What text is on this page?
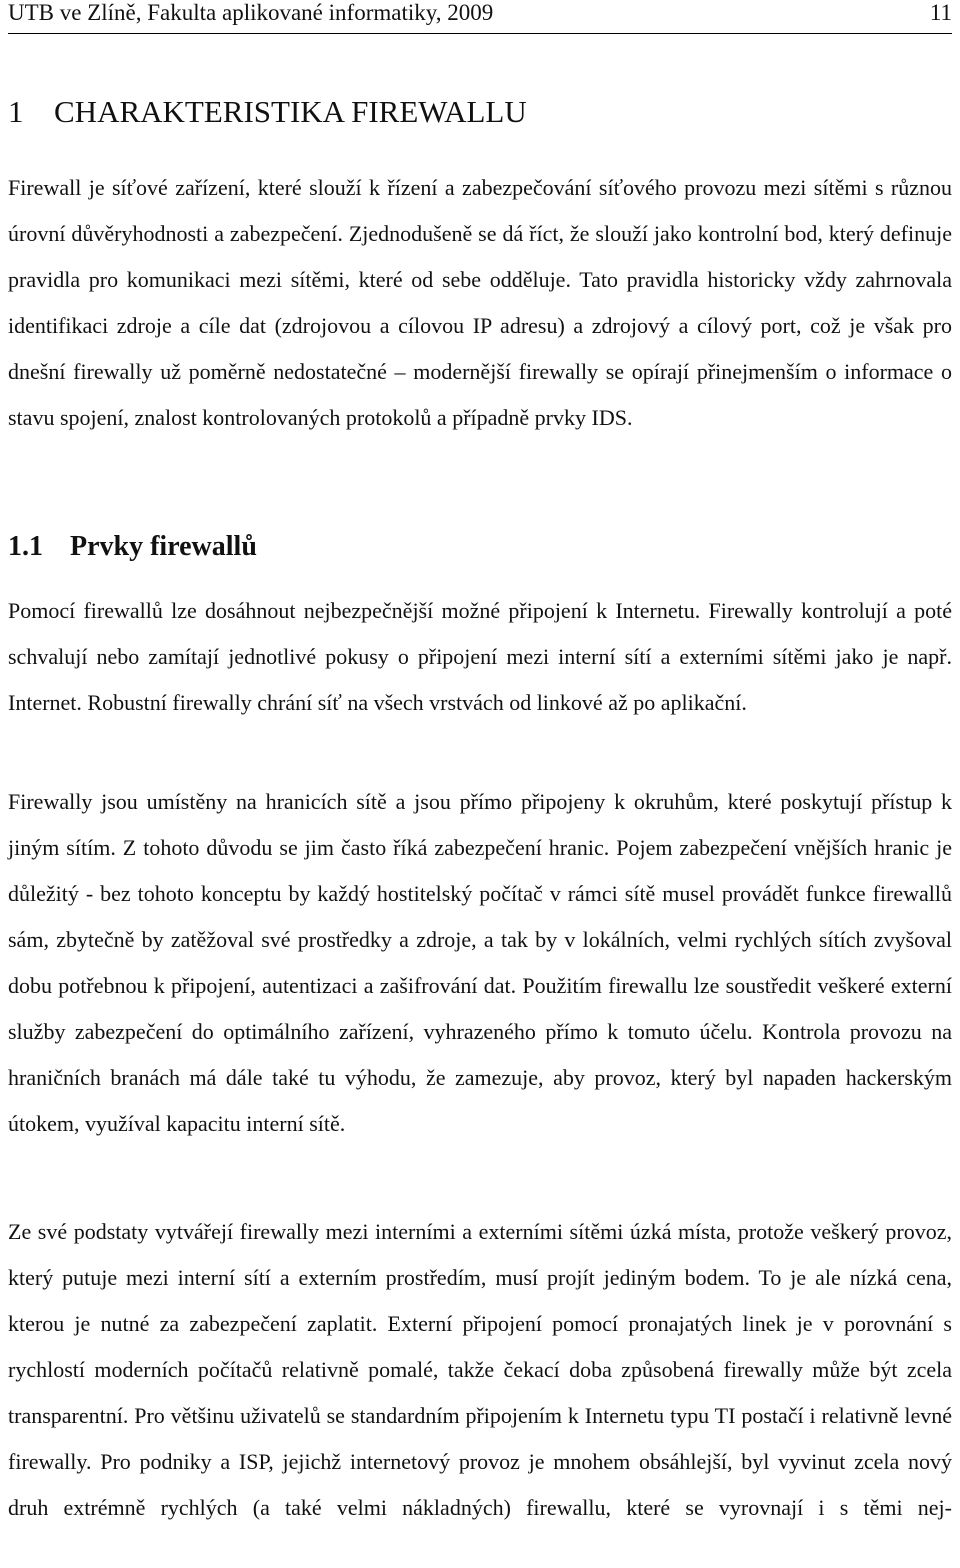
UTB ve Zlíně, Fakulta aplikované informatiky, 2009	11
1 CHARAKTERISTIKA FIREWALLU

Firewall je síťové zařízení, které slouží k řízení a zabezpečování síťového provozu mezi sítěmi s různou úrovní důvěryhodnosti a zabezpečení. Zjednodušeně se dá říct, že slouží jako kontrolní bod, který definuje pravidla pro komunikaci mezi sítěmi, které od sebe odděluje. Tato pravidla historicky vždy zahrnovala identifikaci zdroje a cíle dat (zdrojovou a cílovou IP adresu) a zdrojový a cílový port, což je však pro dnešní firewally už poměrně nedostatečné – modernější firewally se opírají přinejmenším o informace o stavu spojení, znalost kontrolovaných protokolů a případně prvky IDS.

1.1 Prvky firewallů

Pomocí firewallů lze dosáhnout nejbezpečnější možné připojení k Internetu. Firewally kontrolují a poté schvalují nebo zamítají jednotlivé pokusy o připojení mezi interní sítí a externími sítěmi jako je např. Internet. Robustní firewally chrání síť na všech vrstvách od linkové až po aplikační.

Firewally jsou umístěny na hranicích sítě a jsou přímo připojeny k okruhům, které poskytují přístup k jiným sítím. Z tohoto důvodu se jim často říká zabezpečení hranic. Pojem zabezpečení vnějších hranic je důležitý - bez tohoto konceptu by každý hostitelský počítač v rámci sítě musel provádět funkce firewallů sám, zbytečně by zatěžoval své prostředky a zdroje, a tak by v lokálních, velmi rychlých sítích zvyšoval dobu potřebnou k připojení, autentizaci a zašifrování dat. Použitím firewallu lze soustředit veškeré externí služby zabezpečení do optimálního zařízení, vyhrazeného přímo k tomuto účelu. Kontrola provozu na hraničních branách má dále také tu výhodu, že zamezuje, aby provoz, který byl napaden hackerským útokem, využíval kapacitu interní sítě.

Ze své podstaty vytvářejí firewally mezi interními a externími sítěmi úzká místa, protože veškerý provoz, který putuje mezi interní sítí a externím prostředím, musí projít jediným bodem. To je ale nízká cena, kterou je nutné za zabezpečení zaplatit. Externí připojení pomocí pronajatých linek je v porovnání s rychlostí moderních počítačů relativně pomalé, takže čekací doba způsobená firewally může být zcela transparentní. Pro většinu uživatelů se standardním připojením k Internetu typu TI postačí i relativně levné firewally. Pro podniky a ISP, jejichž internetový provoz je mnohem obsáhlejší, byl vyvinut zcela nový druh extrémně rychlých (a také velmi nákladných) firewallu, které se vyrovnají i s těmi nej-
